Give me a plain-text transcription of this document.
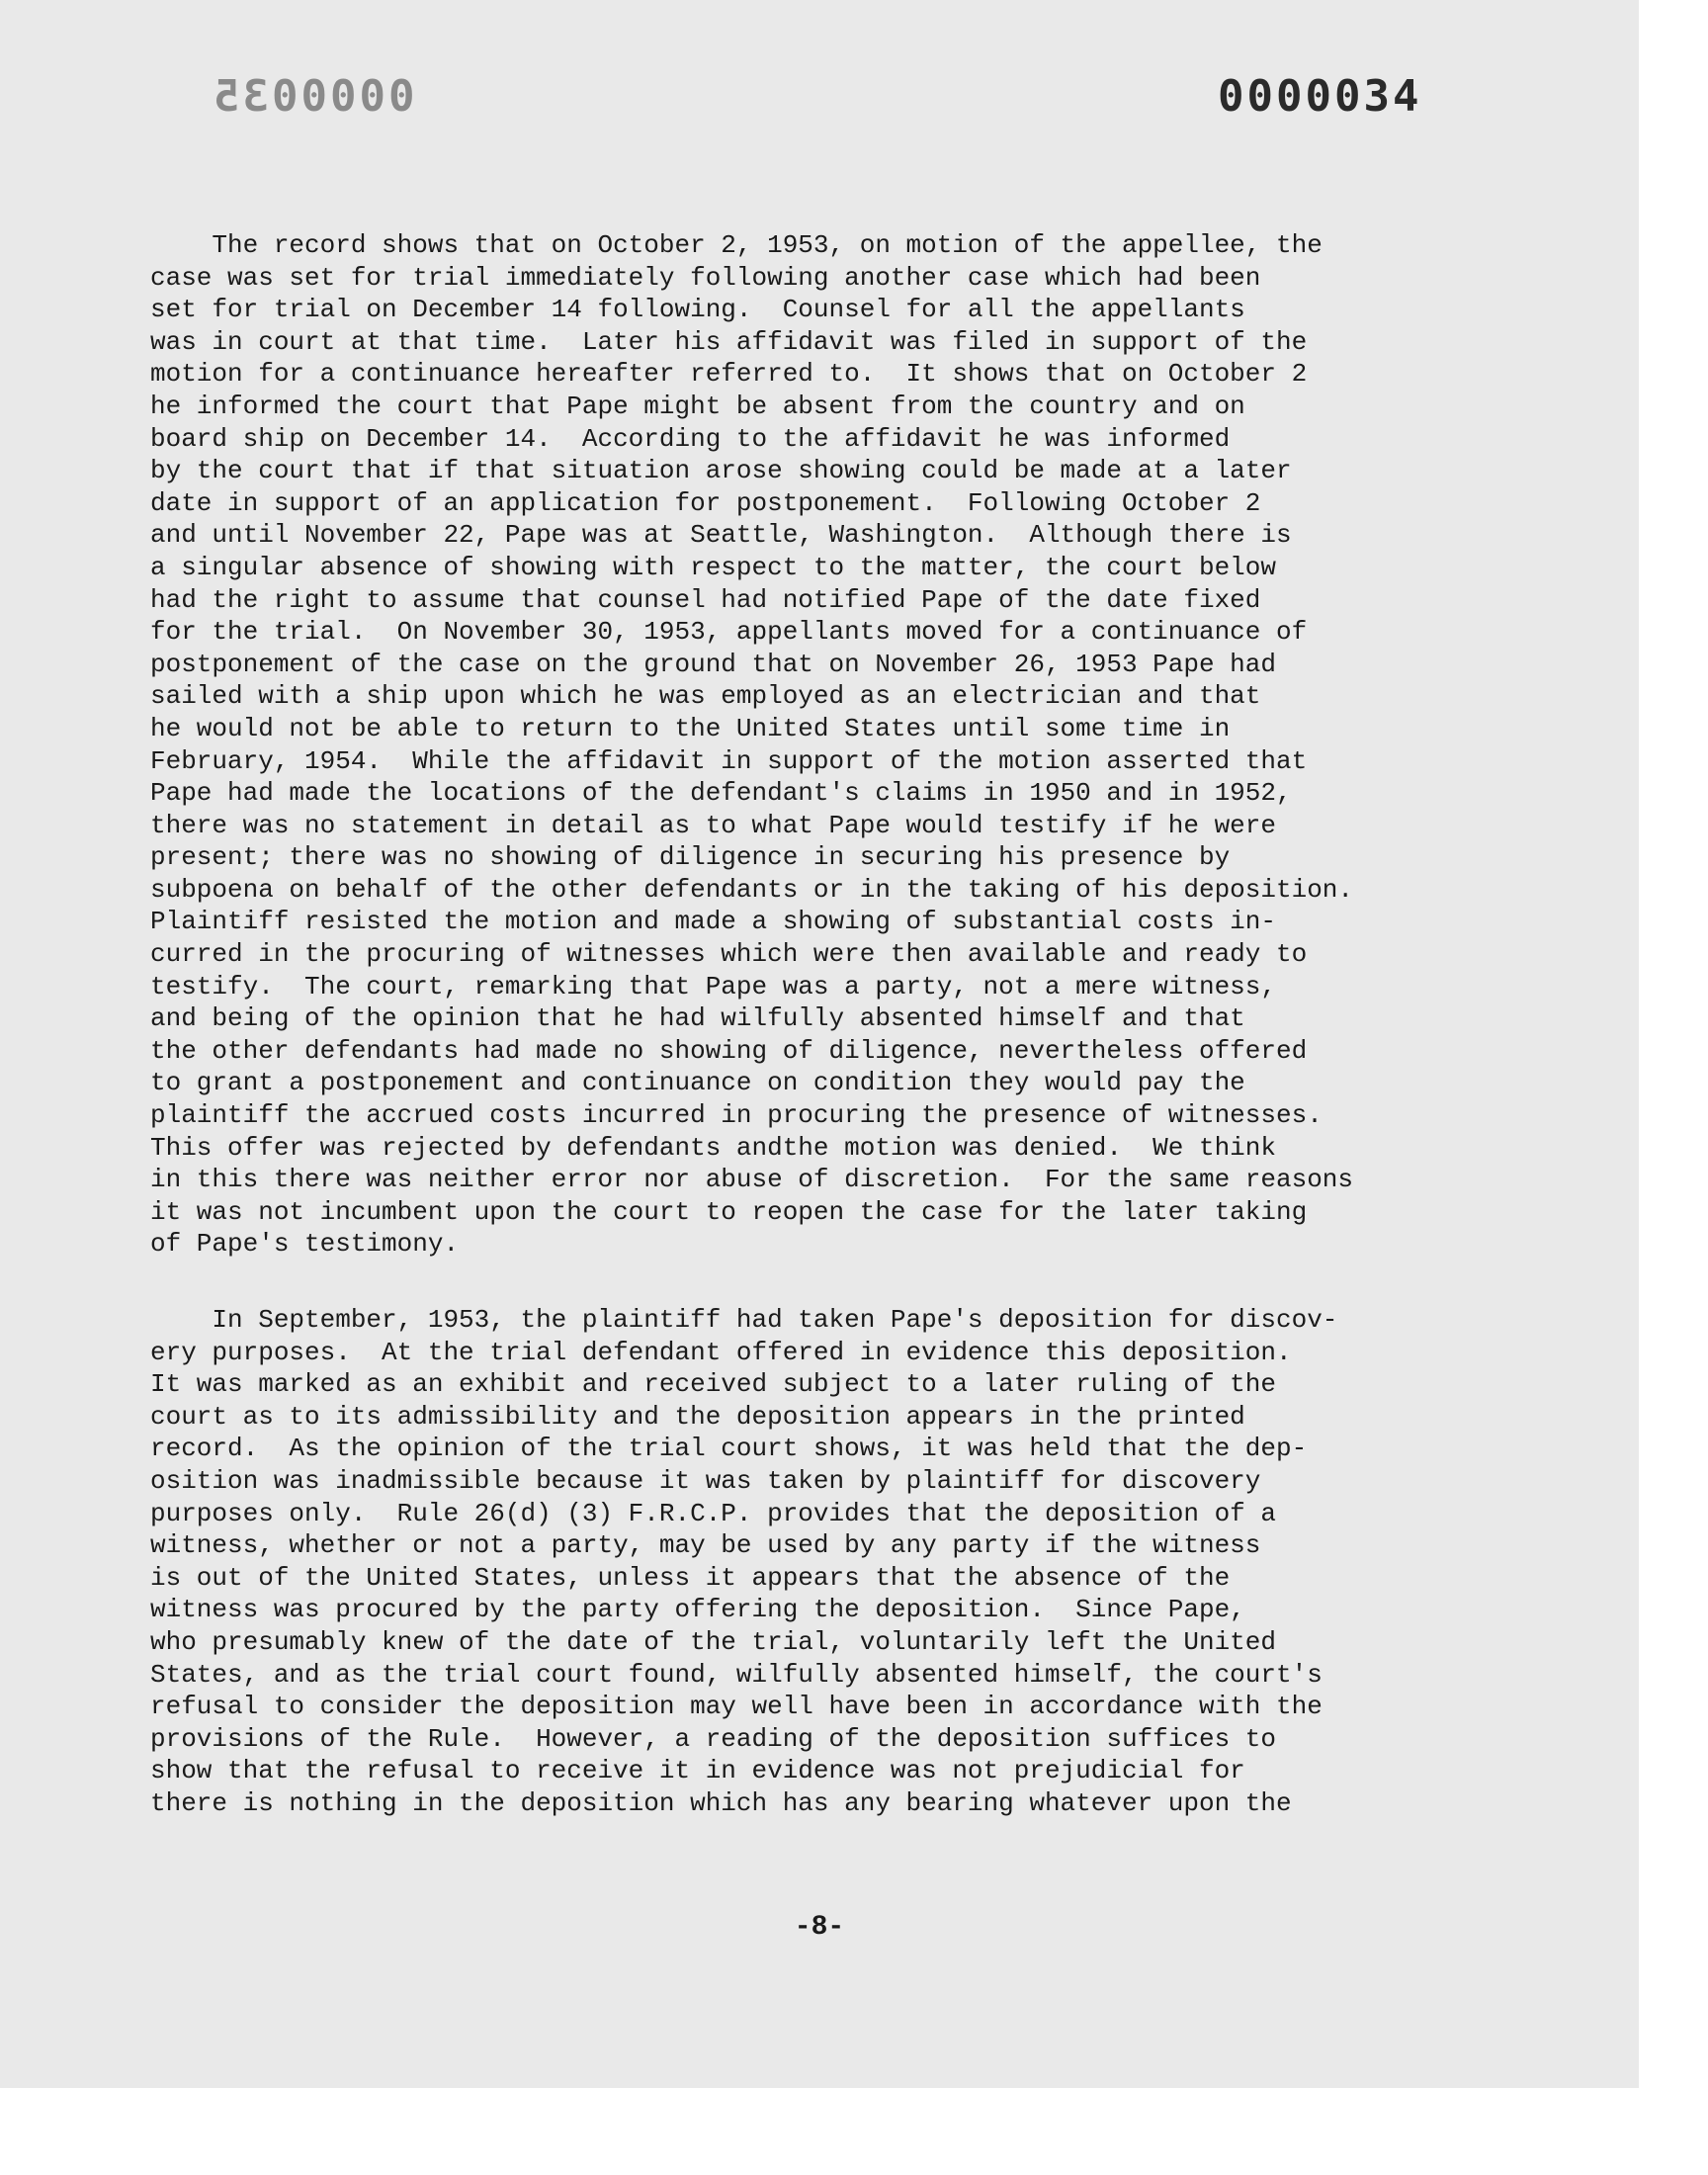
0000035	0000034
The record shows that on October 2, 1953, on motion of the appellee, the
case was set for trial immediately following another case which had been
set for trial on December 14 following.  Counsel for all the appellants
was in court at that time.  Later his affidavit was filed in support of the
motion for a continuance hereafter referred to.  It shows that on October 2
he informed the court that Pape might be absent from the country and on
board ship on December 14.  According to the affidavit he was informed
by the court that if that situation arose showing could be made at a later
date in support of an application for postponement.  Following October 2
and until November 22, Pape was at Seattle, Washington.  Although there is
a singular absence of showing with respect to the matter, the court below
had the right to assume that counsel had notified Pape of the date fixed
for the trial.  On November 30, 1953, appellants moved for a continuance of
postponement of the case on the ground that on November 26, 1953 Pape had
sailed with a ship upon which he was employed as an electrician and that
he would not be able to return to the United States until some time in
February, 1954.  While the affidavit in support of the motion asserted that
Pape had made the locations of the defendant's claims in 1950 and in 1952,
there was no statement in detail as to what Pape would testify if he were
present; there was no showing of diligence in securing his presence by
subpoena on behalf of the other defendants or in the taking of his deposition.
Plaintiff resisted the motion and made a showing of substantial costs in-
curred in the procuring of witnesses which were then available and ready to
testify.  The court, remarking that Pape was a party, not a mere witness,
and being of the opinion that he had wilfully absented himself and that
the other defendants had made no showing of diligence, nevertheless offered
to grant a postponement and continuance on condition they would pay the
plaintiff the accrued costs incurred in procuring the presence of witnesses.
This offer was rejected by defendants andthe motion was denied.  We think
in this there was neither error nor abuse of discretion.  For the same reasons
it was not incumbent upon the court to reopen the case for the later taking
of Pape's testimony.
In September, 1953, the plaintiff had taken Pape's deposition for discov-
ery purposes.  At the trial defendant offered in evidence this deposition.
It was marked as an exhibit and received subject to a later ruling of the
court as to its admissibility and the deposition appears in the printed
record.  As the opinion of the trial court shows, it was held that the dep-
osition was inadmissible because it was taken by plaintiff for discovery
purposes only.  Rule 26(d) (3) F.R.C.P. provides that the deposition of a
witness, whether or not a party, may be used by any party if the witness
is out of the United States, unless it appears that the absence of the
witness was procured by the party offering the deposition.  Since Pape,
who presumably knew of the date of the trial, voluntarily left the United
States, and as the trial court found, wilfully absented himself, the court's
refusal to consider the deposition may well have been in accordance with the
provisions of the Rule.  However, a reading of the deposition suffices to
show that the refusal to receive it in evidence was not prejudicial for
there is nothing in the deposition which has any bearing whatever upon the
-8-
